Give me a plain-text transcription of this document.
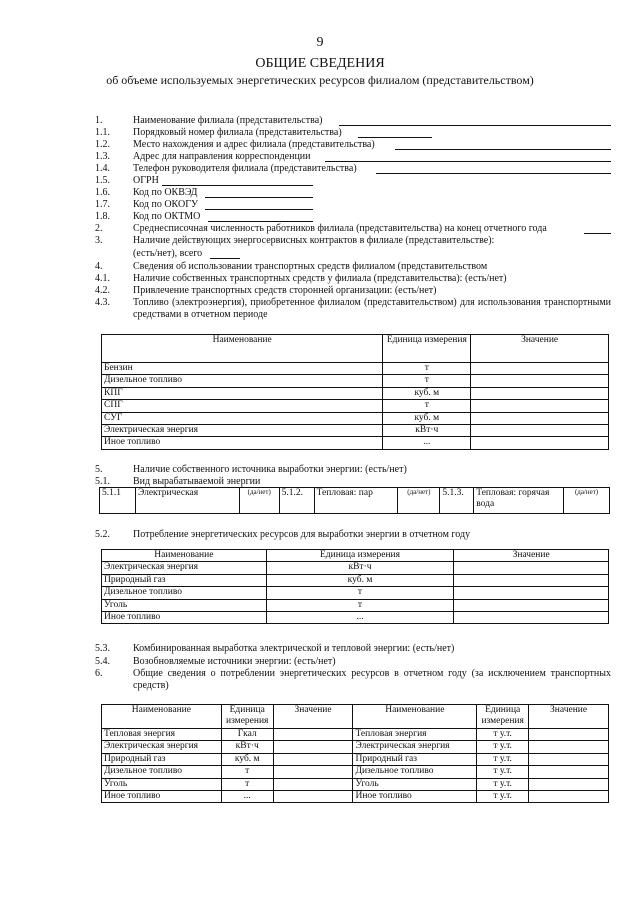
9
ОБЩИЕ СВЕДЕНИЯ
об объеме используемых энергетических ресурсов филиалом (представительством)
1.	Наименование филиала (представительства)
1.1. Порядковый номер филиала (представительства)
1.2. Место нахождения и адрес филиала (представительства)
1.3. Адрес для направления корреспонденции
1.4. Телефон руководителя филиала (представительства)
1.5. ОГРН
1.6. Код по ОКВЭД
1.7. Код по ОКОГУ
1.8. Код по ОКТМО
2.	Среднесписочная численность работников филиала (представительства) на конец отчетного года
3.	Наличие действующих энергосервисных контрактов в филиале (представительстве):
(есть/нет), всего
4.	Сведения об использовании транспортных средств филиалом (представительством
4.1. Наличие собственных транспортных средств у филиала (представительства): (есть/нет)
4.2. Привлечение транспортных средств сторонней организации: (есть/нет)
4.3. Топливо (электроэнергия), приобретенное филиалом (представительством) для использования транспортными средствами в отчетном периоде
Наименование	Единица измерения	Значение
Бензин	т	
Дизельное топливо	т	
КПГ	куб. м	
СПГ	т	
СУГ	куб. м	
Электрическая энергия	кВт·ч	
Иное топливо	...	
5.	Наличие собственного источника выработки энергии: (есть/нет)
5.1. Вид вырабатываемой энергии
5.1.1	Электрическая	(да/нет)	5.1.2.	Тепловая: пар	(да/нет)	5.1.3.	Тепловая: горячая вода	(да/нет)
5.2. Потребление энергетических ресурсов для выработки энергии в отчетном году
Наименование	Единица измерения	Значение
Электрическая энергия	кВт·ч	
Природный газ	куб. м	
Дизельное топливо	т	
Уголь	т	
Иное топливо	...	
5.3. Комбинированная выработка электрической и тепловой энергии: (есть/нет)
5.4. Возобновляемые источники энергии: (есть/нет)
6.	Общие сведения о потреблении энергетических ресурсов в отчетном году (за исключением транспортных средств)
Наименование	Единица измерения	Значение	Наименование	Единица измерения	Значение
Тепловая энергия	Гкал		Тепловая энергия	т у.т.	
Электрическая энергия	кВт·ч		Электрическая энергия	т у.т.	
Природный газ	куб. м		Природный газ	т у.т.	
Дизельное топливо	т		Дизельное топливо	т у.т.	
Уголь	т		Уголь	т у.т.	
Иное топливо	...		Иное топливо	т у.т.	
